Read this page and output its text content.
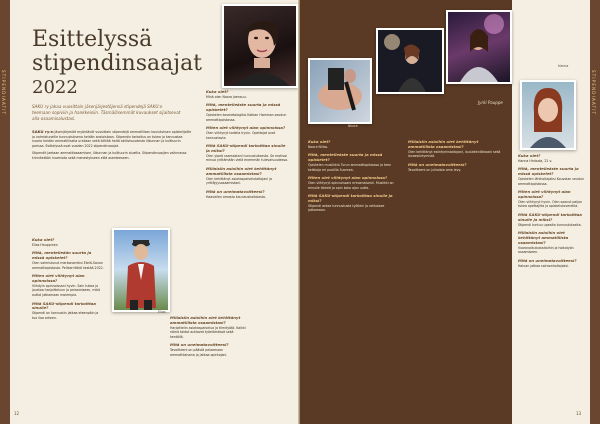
STIPENDIAATIT
Esittelyssä
stipendinsaajat
2022
SAKU ry jakaa vuosittain jäsenjärjestöjensä stipendejä SAKU:n teemaan sopiviin ja hankkeisiin. Täsmällisemmät kuvaukset sijaitsevat alla osaamisalustasi.
SAKU ry:n jäsenjärjestöt myöntävät vuosittain stipendejä ammatillisen koulutuksen opiskelijoille ja valmistuneille tunnustuksena heidän ansioistaan. Stipendin tarkoitus on tukea ja kannustaa nuoria heidän ammatillisella urallaan sekä kiittää heitä aktiivisuudesta liikunnan ja kulttuurin parissa. Esittelyssä ovat vuoden 2022 stipendinsaajat.
Stipendit jaetaan ammattiosaamisen, liikunnan ja kulttuurin alueilla. Stipendinsaajien valinnassa kiinnitetään huomiota sekä menestykseen että asenteeseen.
Kuka olet?
Elias Hauppinen
Mitä, mentelleään suurta ja missä opiskelet?
Olen valmistunut merkonomiksi Etelä-Savon ammattiopistosta. Pelikarriäärä kestää 2022.
Miten olet viihtynyt alan opinnoissa?
Viihdyin opinnoissani hyvin. Sain tukea ja joustoa harjoitteluun ja pelaamiseen, mikä auttoi jatkamaan molempia.
Mitä SAKU-stipendi tarkoittaa sinulle?
Stipendi on kannustin jatkaa eteenpäin ja tuo iloa arkeen.
Elias
Millaisiin asioihin olet kehittänyt ammatillista osaamistasi?
Harjoittelin asiakaspalvelua ja tiimityötä. Kaikki nämä taidot auttavat työelämässä sekä kentällä.
Mitä on unelmatavoitteesi?
Tavoitteeni on päästä pelaamaan ammattilaisena ja jatkaa opintojani.
Kuka olet?
Minä olen Noora Joensuu.
Mitä, mentelleäste suurta ja missä opiskelet?
Opiskelen kosmetologiksi Kotkan Haminan seudun ammattiopistossa.
Miten olet viihtynyt alan opinnoissa?
Olen viihtynyt todella hyvin. Opettajat ovat kannustavia.
Mitä SAKU-stipendi tarkoittaa sinulle ja miksi?
Olen ylpeä saamastani tunnustuksesta. Se motivoi minua yrittämään vielä enemmän tulevaisuudessa.
Millaisiin asioihin olet kehittänyt ammatillista osaamistasi?
Olen kehittänyt asiakaspalvelutaitojani ja yrittäjyysosaamistani.
Mitä on unelmatavoitteesi?
Haaveilen omasta kauneushoitolasta.
12
Noora
Jyrki Pauppe
Kuka olet?
Noora Niilos.
Mitä, mentelleäste suurta ja missä opiskelet?
Opiskelen musiikkia Turun ammattiopistossa ja teen keikkoja eri puolilla Suomea.
Miten olet viihtynyt alan opinnoissa?
Olen viihtynyt opinnoissani erinomaisesti. Musiikki on minulle tärkeä ja opin koko ajan uutta.
Mitä SAKU-stipendi tarkoittaa sinulle ja miksi?
Stipendi antaa tunnustusta työlleni ja rohkaisee jatkamaan.
Millaisiin asioihin olet kehittänyt ammatillista osaamistasi?
Olen kehittänyt esiintymistaitojani, laulutekniikkaani sekä lavaesiintymistä.
Mitä on unelmatavoitteesi?
Tavoitteeni on julkaista oma levy.
Hanna
Kuka olet?
Hanna Hintsala, 22 v.
Mitä, mentelleäste suurta ja missä opiskelet?
Opiskelen lähihoitajaksi Kouvolan seudun ammattiopistossa.
Miten olet viihtynyt alan opinnoissa?
Olen viihtynyt hyvin. Olen saanut paljon tukea opettajilta ja opiskelutovereilta.
Mitä SAKU-stipendi tarkoittaa sinulle ja miksi?
Stipendi tuntuu upealta tunnustukselta.
Millaisiin asioihin olet kehittänyt ammatillista osaamistasi?
Vuorovaikutustaitoihin ja hoitotyön osaamiseen.
Mitä on unelmatavoitteesi?
Haluan jatkaa sairaanhoitajaksi.
STIPENDIAATIT
13
